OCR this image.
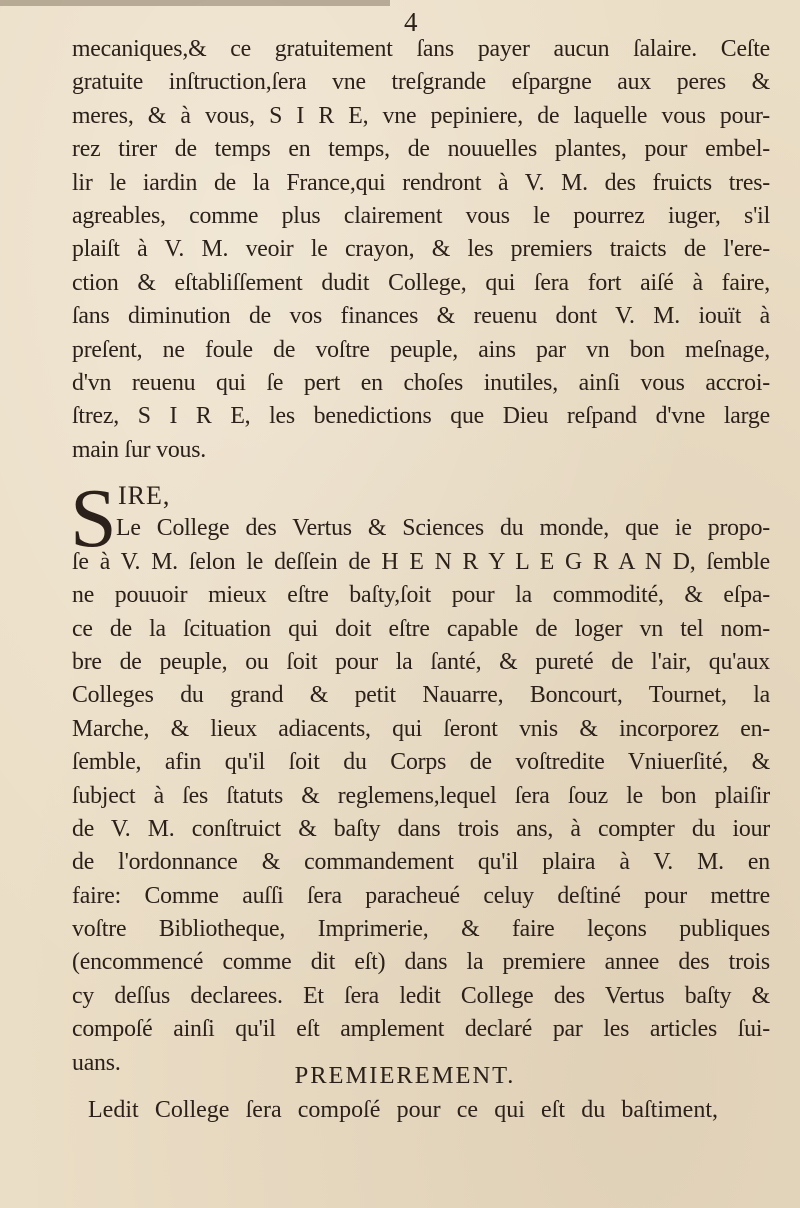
4
mecaniques,& ce gratuitement ſans payer aucun ſalaire. Ceſte
gratuite inſtruction,ſera vne treſgrande eſpargne aux peres &
meres, & à vous, S I R E, vne pepiniere, de laquelle vous pour-
rez tirer de temps en temps, de nouuelles plantes, pour embel-
lir le iardin de la France,qui rendront à V. M. des fruicts tres-
agreables, comme plus clairement vous le pourrez iuger, s'il
plaiſt à V. M. veoir le crayon, & les premiers traicts de l'ere-
ction & eſtabliſſement dudit College, qui ſera fort aiſé à faire,
ſans diminution de vos finances & reuenu dont V. M. iouït à
preſent, ne foule de voſtre peuple, ains par vn bon meſnage,
d'vn reuenu qui ſe pert en choſes inutiles, ainſi vous accroi-
ſtrez, S I R E, les benedictions que Dieu reſpand d'vne large
main ſur vous.
S IRE,
Le College des Vertus & Sciences du monde, que ie propo-
ſe à V. M. ſelon le deſſein de H E N R Y L E G R A N D, ſemble
ne pouuoir mieux eſtre baſty,ſoit pour la commodité, & eſpa-
ce de la ſcituation qui doit eſtre capable de loger vn tel nom-
bre de peuple, ou ſoit pour la ſanté, & pureté de l'air, qu'aux
Colleges du grand & petit Nauarre, Boncourt, Tournet, la
Marche, & lieux adiacents, qui ſeront vnis & incorporez en-
ſemble, afin qu'il ſoit du Corps de voſtredite Vniuerſité, &
ſubject à ſes ſtatuts & reglemens,lequel ſera ſouz le bon plaiſir
de V. M. conſtruict & baſty dans trois ans, à compter du iour
de l'ordonnance & commandement qu'il plaira à V. M. en
faire: Comme auſſi ſera paracheué celuy deſtiné pour mettre
voſtre Bibliotheque, Imprimerie, & faire leçons publiques
(encommencé comme dit eſt) dans la premiere annee des trois
cy deſſus declarees. Et ſera ledit College des Vertus baſty &
compoſé ainſi qu'il eſt amplement declaré par les articles ſui-
uans.	PREMIEREMENT.
Ledit College ſera compoſé pour ce qui eſt du baſtiment,
